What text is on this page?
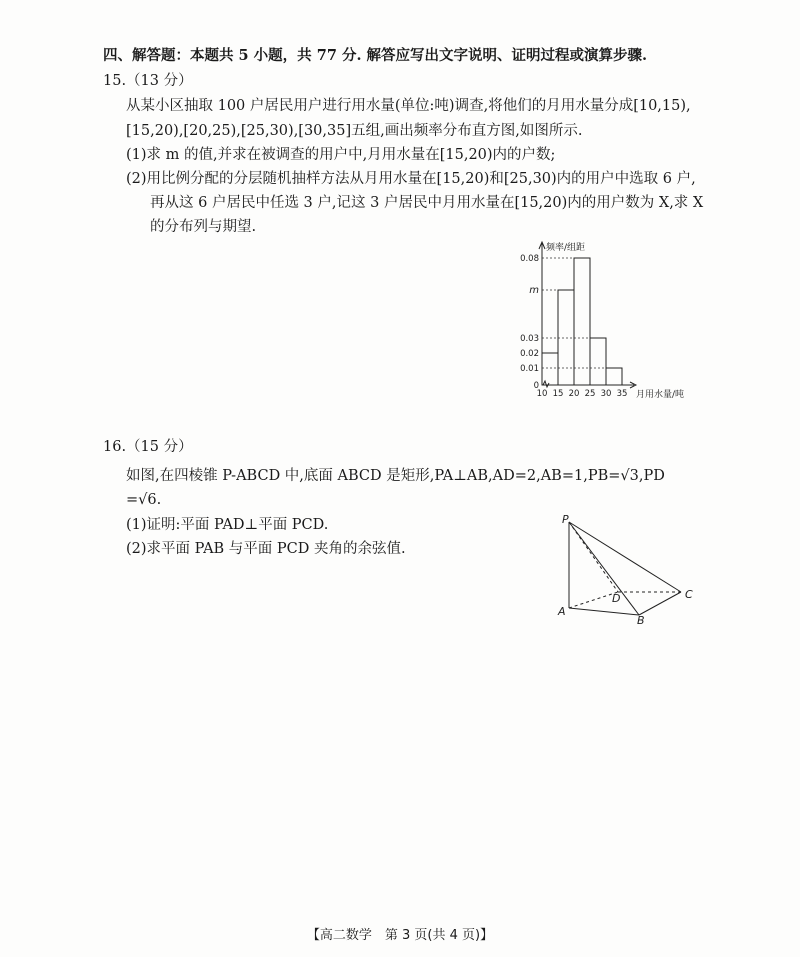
四、解答题：本题共 5 小题，共 77 分. 解答应写出文字说明、证明过程或演算步骤.
15.（13 分）
从某小区抽取 100 户居民用户进行用水量(单位:吨)调查,将他们的月用水量分成[10,15),
[15,20),[20,25),[25,30),[30,35]五组,画出频率分布直方图,如图所示.
(1)求 m 的值,并求在被调查的用户中,月用水量在[15,20)内的户数;
(2)用比例分配的分层随机抽样方法从月用水量在[15,20)和[25,30)内的用户中选取 6 户,
再从这 6 户居民中任选 3 户,记这 3 户居民中月用水量在[15,20)内的用户数为 X,求 X
的分布列与期望.
0
0.01
0.02
0.03
m
0.08
10 15 20 25 30 35
频率/组距
月用水量/吨
16.（15 分）
如图,在四棱锥 P-ABCD 中,底面 ABCD 是矩形,PA⊥AB,AD=2,AB=1,PB=√3,PD
=√6.
(1)证明:平面 PAD⊥平面 PCD.
(2)求平面 PAB 与平面 PCD 夹角的余弦值.
P
A
B
C
D
【高二数学　第 3 页(共 4 页)】
